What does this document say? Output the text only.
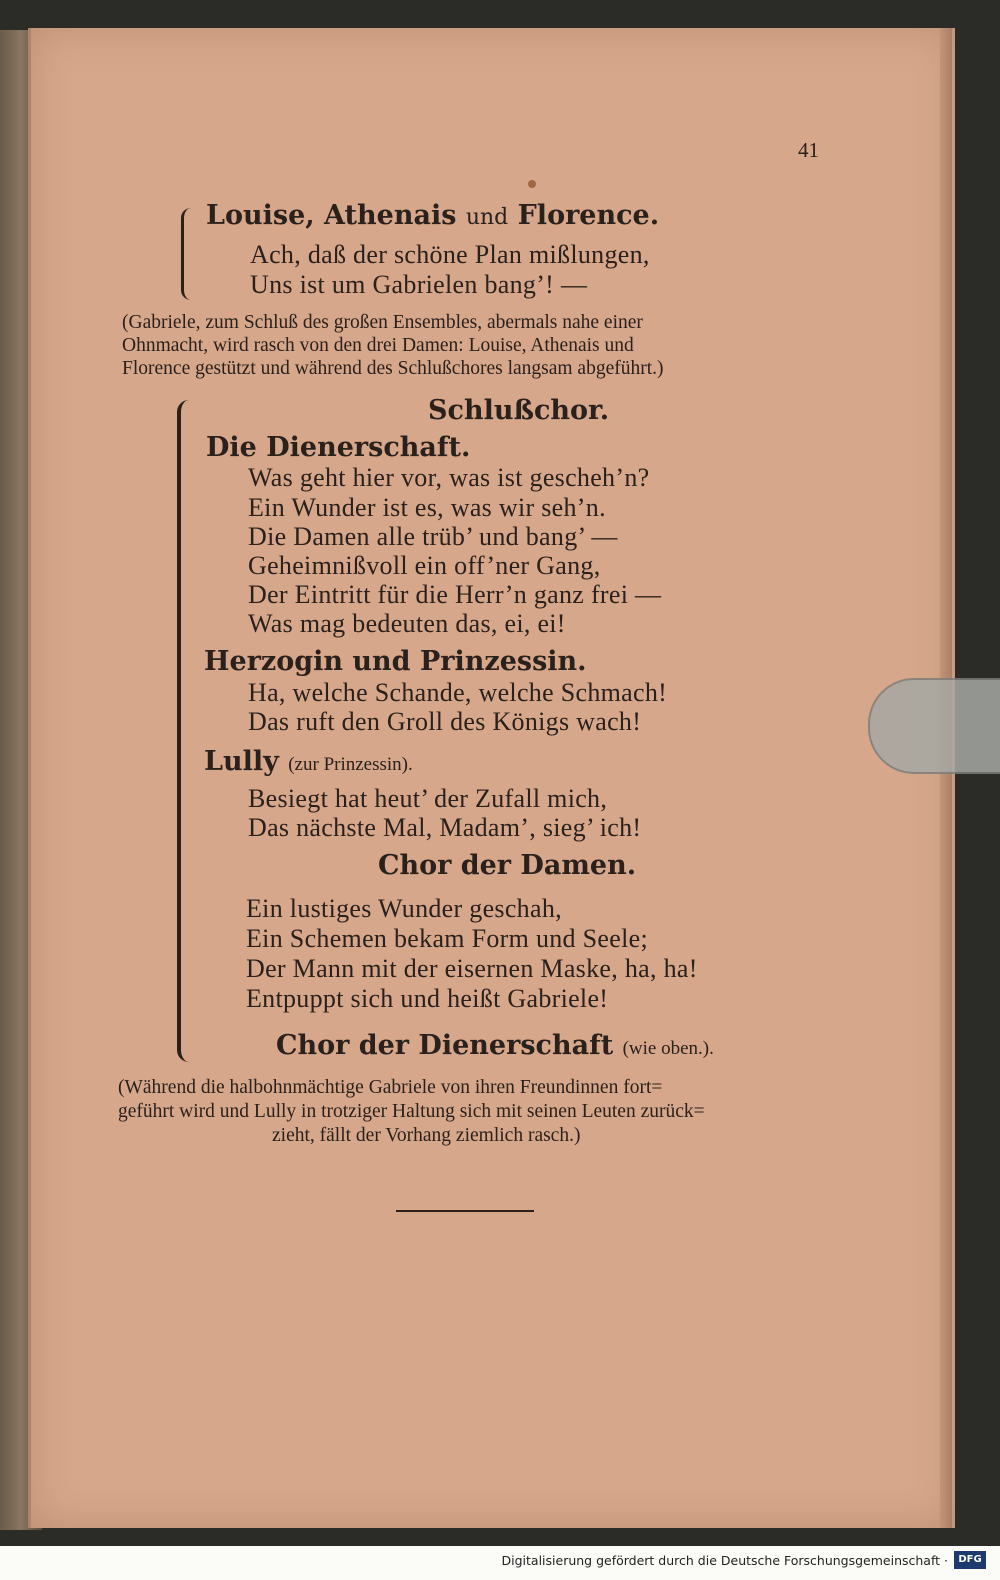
41
Louise, Athenais und Florence.
Ach, daß der schöne Plan mißlungen,
Uns ist um Gabrielen bang’! —
(Gabriele, zum Schluß des großen Ensembles, abermals nahe einer
Ohnmacht, wird rasch von den drei Damen: Louise, Athenais und
Florence gestützt und während des Schlußchores langsam abgeführt.)
Schlußchor.
Die Dienerschaft.
Was geht hier vor, was ist gescheh’n?
Ein Wunder ist es, was wir seh’n.
Die Damen alle trüb’ und bang’ —
Geheimnißvoll ein off’ner Gang,
Der Eintritt für die Herr’n ganz frei —
Was mag bedeuten das, ei, ei!
Herzogin und Prinzessin.
Ha, welche Schande, welche Schmach!
Das ruft den Groll des Königs wach!
Lully (zur Prinzessin).
Besiegt hat heut’ der Zufall mich,
Das nächste Mal, Madam’, sieg’ ich!
Chor der Damen.
Ein lustiges Wunder geschah,
Ein Schemen bekam Form und Seele;
Der Mann mit der eisernen Maske, ha, ha!
Entpuppt sich und heißt Gabriele!
Chor der Dienerschaft (wie oben.).
(Während die halbohnmächtige Gabriele von ihren Freundinnen fort=
geführt wird und Lully in trotziger Haltung sich mit seinen Leuten zurück=
zieht, fällt der Vorhang ziemlich rasch.)
Digitalisierung gefördert durch die Deutsche Forschungsgemeinschaft ·	DFG
